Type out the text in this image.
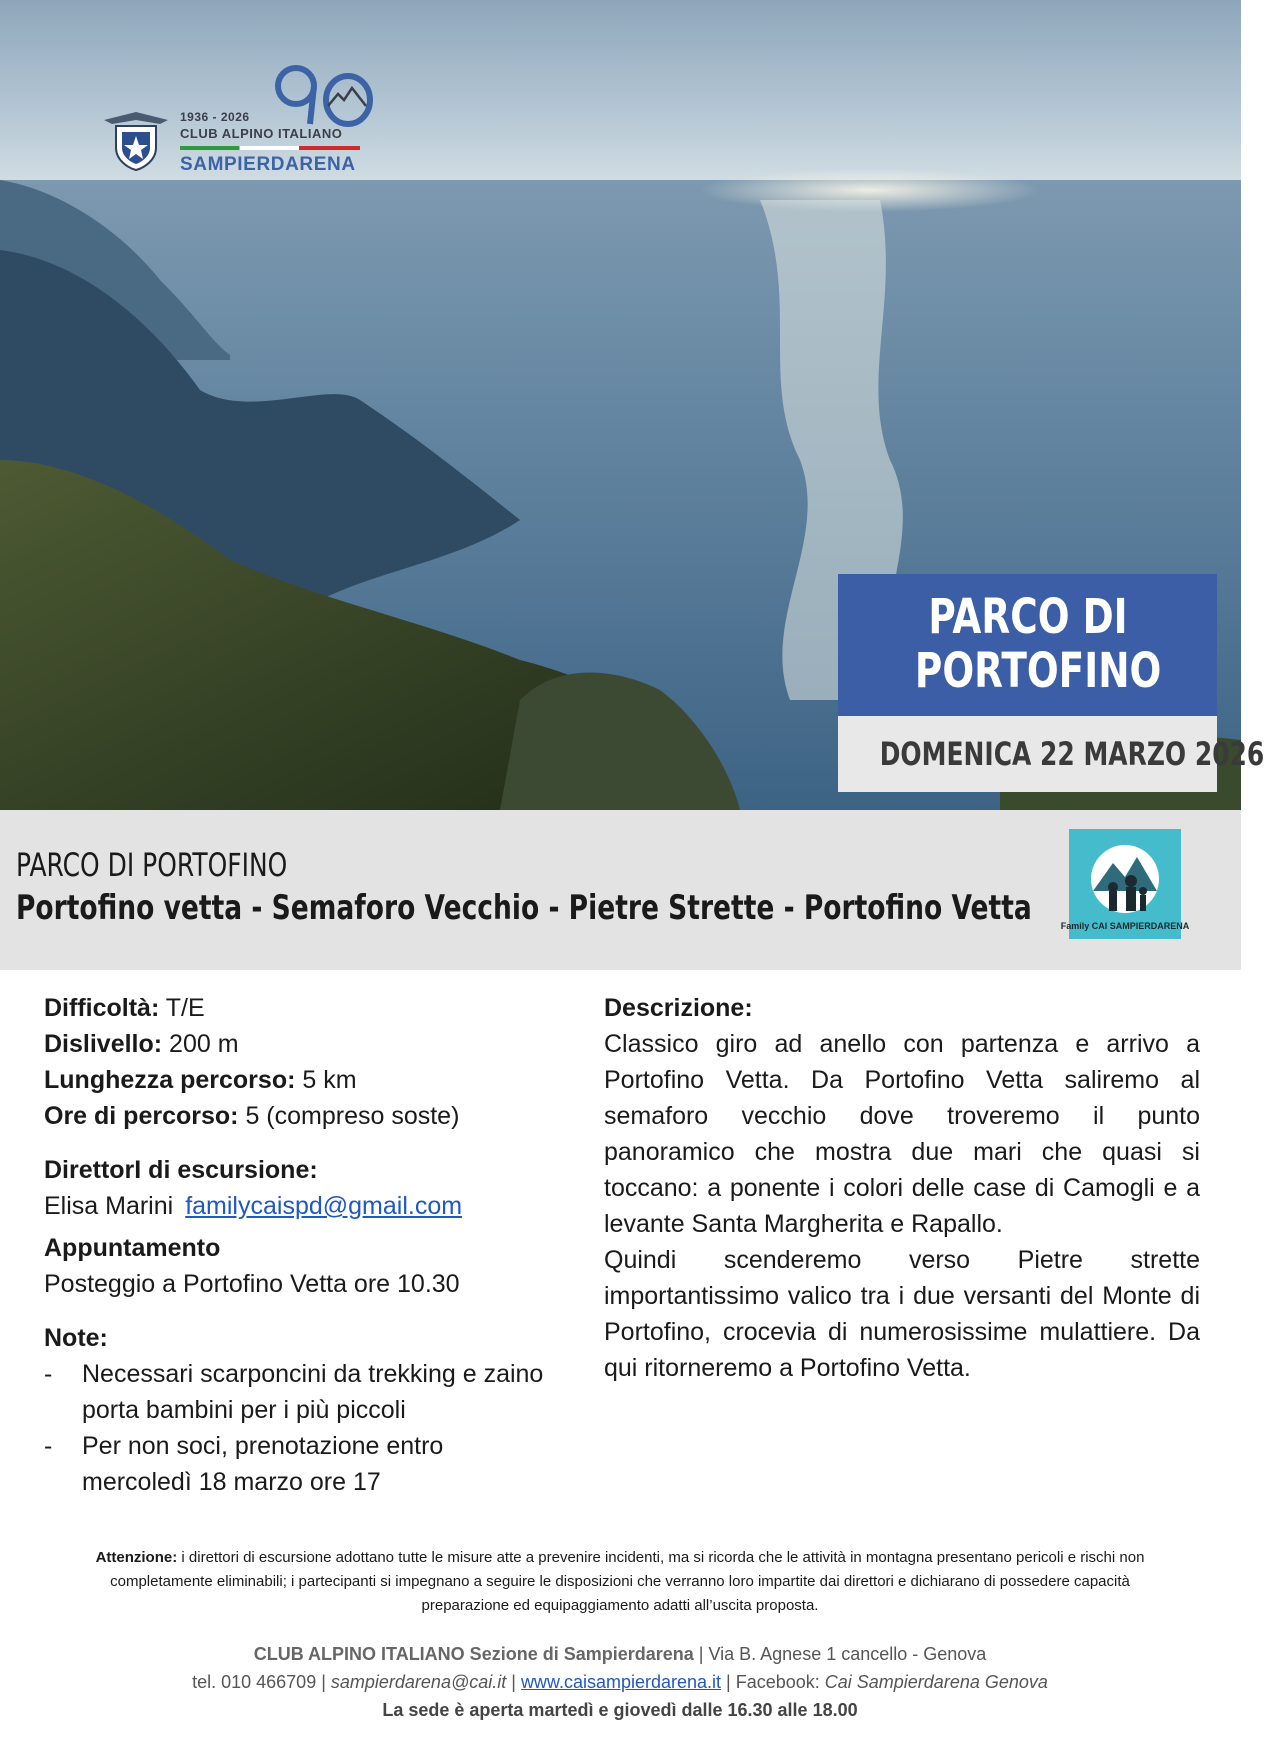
1936 - 2026
CLUB ALPINO ITALIANO
SAMPIERDARENA
PARCO DI PORTOFINO
DOMENICA 22 MARZO 2026
PARCO DI PORTOFINO
Portofino vetta - Semaforo Vecchio - Pietre Strette - Portofino Vetta	Family CAI SAMPIERDARENA
Difficoltà: T/E
Dislivello: 200 m
Lunghezza percorso: 5 km
Ore di percorso: 5 (compreso soste)
DirettorI di escursione:
Elisa Marini familycaispd@gmail.com
Appuntamento
Posteggio a Portofino Vetta ore 10.30
Note:
- Necessari scarponcini da trekking e zaino porta bambini per i più piccoli
- Per non soci, prenotazione entro mercoledì 18 marzo ore 17
Descrizione:

Classico giro ad anello con partenza e arrivo a Portofino Vetta. Da Portofino Vetta saliremo al semaforo vecchio dove troveremo il punto panoramico che mostra due mari che quasi si toccano: a ponente i colori delle case di Camogli e a levante Santa Margherita e Rapallo.

Quindi scenderemo verso Pietre strette importantissimo valico tra i due versanti del Monte di Portofino, crocevia di numerosissime mulattiere. Da qui ritorneremo a Portofino Vetta.

Attenzione: i direttori di escursione adottano tutte le misure atte a prevenire incidenti, ma si ricorda che le attività in montagna presentano pericoli e rischi non completamente eliminabili; i partecipanti si impegnano a seguire le disposizioni che verranno loro impartite dai direttori e dichiarano di possedere capacità preparazione ed equipaggiamento adatti all’uscita proposta.
CLUB ALPINO ITALIANO Sezione di Sampierdarena | Via B. Agnese 1 cancello - Genova
tel. 010 466709 | sampierdarena@cai.it | www.caisampierdarena.it | Facebook: Cai Sampierdarena Genova
La sede è aperta martedì e giovedì dalle 16.30 alle 18.00
